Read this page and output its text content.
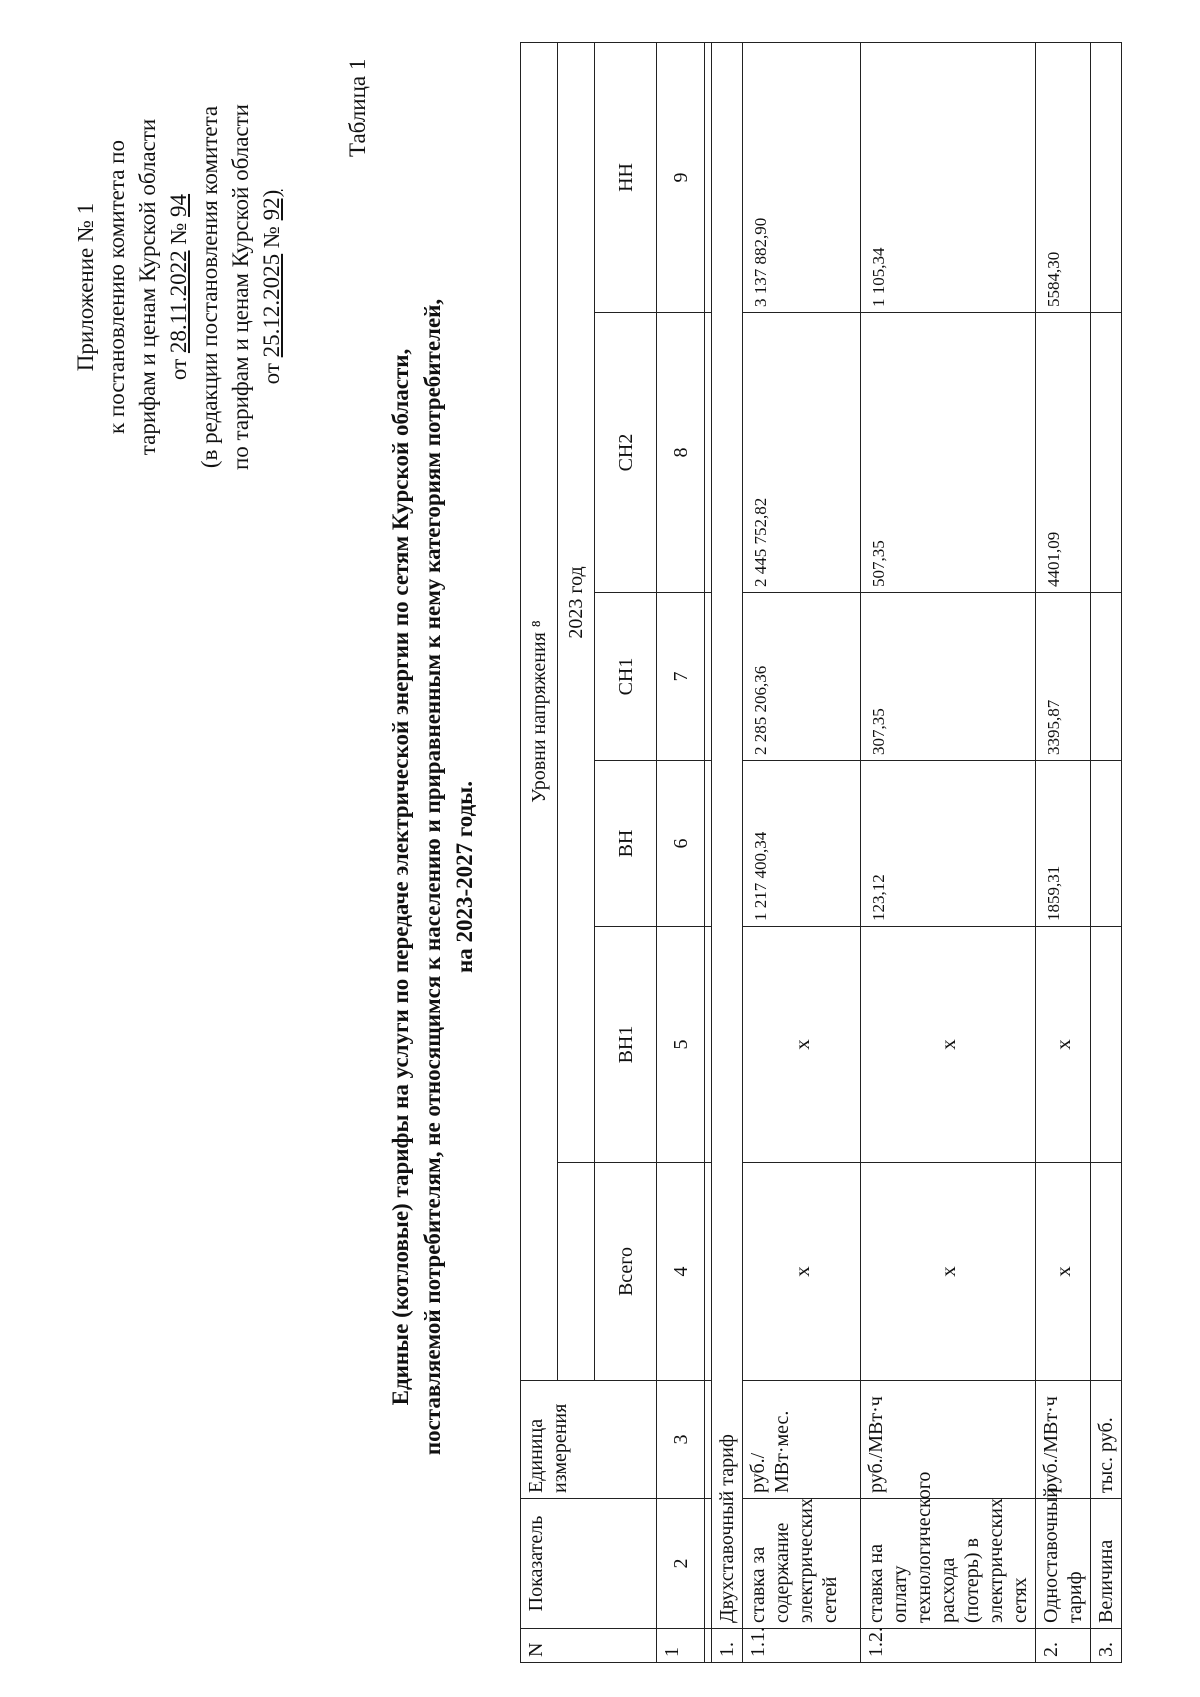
Приложение № 1 к постановлению комитета по тарифам и ценам Курской области от 28.11.2022 № 94 (в редакции постановления комитета по тарифам и ценам Курской области от 25.12.2025 № 92)
Таблица 1
Единые (котловые) тарифы на услуги по передаче электрической энергии по сетям Курской области, поставляемой потребителям, не относящимся к населению и приравненным к нему категориям потребителей, на 2023-2027 годы.
N	Показатель	Единица измерения	Уровни напряжения ⁸					
				2023 год				
			Всего	ВН1	ВН	СН1	СН2	НН
1	2	3	4	5	6	7	8	9

1.	Двухставочный тариф							
1.1.	ставка за содержание электрических сетей	руб./МВт·мес.	х	х	1 217 400,34	2 285 206,36	2 445 752,82	3 137 882,90
1.2.	ставка на оплату технологического расхода (потерь) в электрических сетях	руб./МВт·ч	х	х	123,12	307,35	507,35	1 105,34
2.	Одноставочный тариф	руб./МВт·ч	х	х	1859,31	3395,87	4401,09	5584,30
3.	Величина	тыс. руб.						
